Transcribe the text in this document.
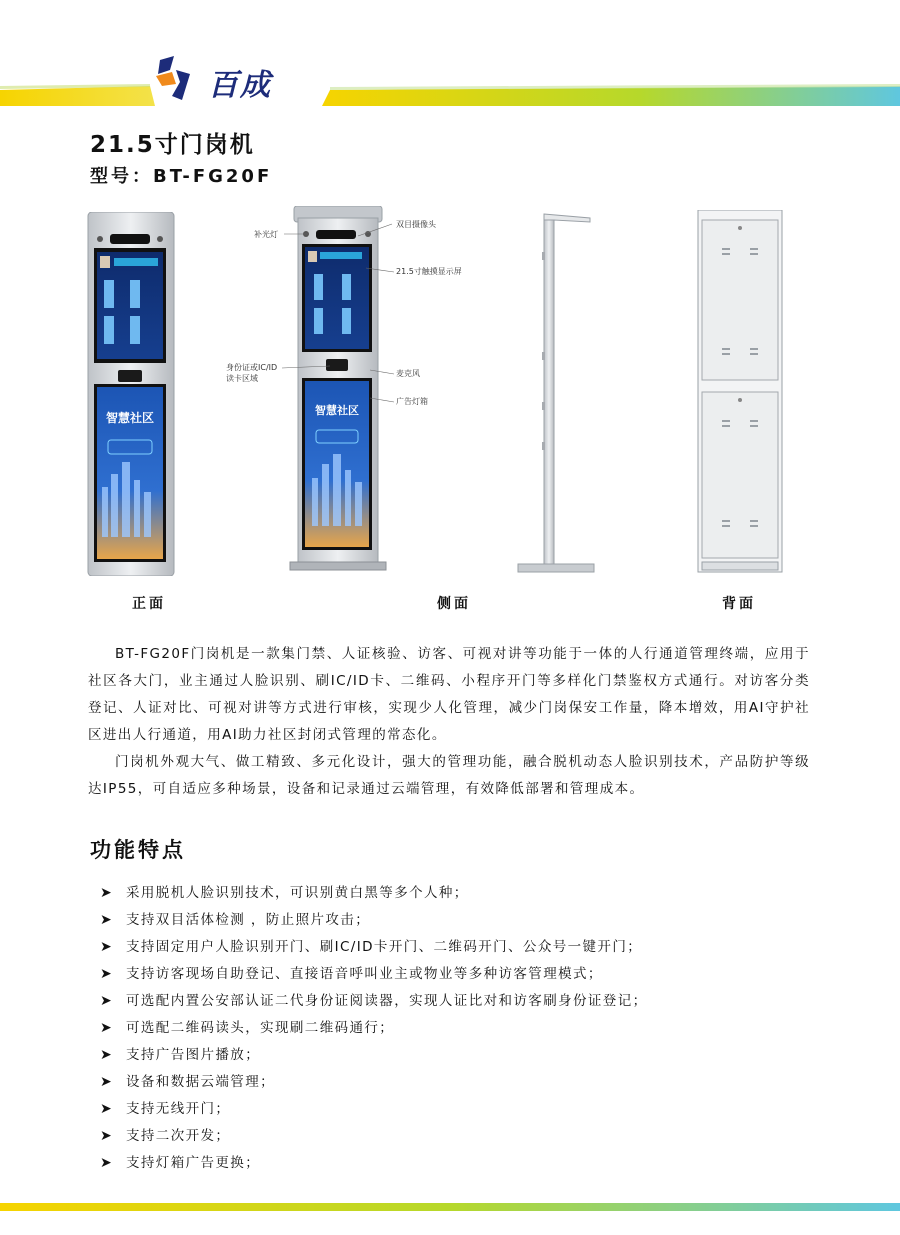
百成
21.5寸门岗机
型号：BT-FG20F
智慧社区
智慧社区
补光灯
双目摄像头
21.5寸触摸显示屏
身份证或IC/ID
读卡区域
麦克风
广告灯箱
正面	侧面	背面
BT-FG20F门岗机是一款集门禁、人证核验、访客、可视对讲等功能于一体的人行通道管理终端，应用于社区各大门，业主通过人脸识别、刷IC/ID卡、二维码、小程序开门等多样化门禁鉴权方式通行。对访客分类登记、人证对比、可视对讲等方式进行审核，实现少人化管理，减少门岗保安工作量，降本增效，用AI守护社区进出人行通道，用AI助力社区封闭式管理的常态化。
门岗机外观大气、做工精致、多元化设计，强大的管理功能，融合脱机动态人脸识别技术，产品防护等级达IP55，可自适应多种场景，设备和记录通过云端管理，有效降低部署和管理成本。
功能特点
➤ 采用脱机人脸识别技术，可识别黄白黑等多个人种；
➤ 支持双目活体检测 ，防止照片攻击；
➤ 支持固定用户人脸识别开门、刷IC/ID卡开门、二维码开门、公众号一键开门；
➤ 支持访客现场自助登记、直接语音呼叫业主或物业等多种访客管理模式；
➤ 可选配内置公安部认证二代身份证阅读器，实现人证比对和访客刷身份证登记；
➤ 可选配二维码读头，实现刷二维码通行；
➤ 支持广告图片播放；
➤ 设备和数据云端管理；
➤ 支持无线开门；
➤ 支持二次开发；
➤ 支持灯箱广告更换；
